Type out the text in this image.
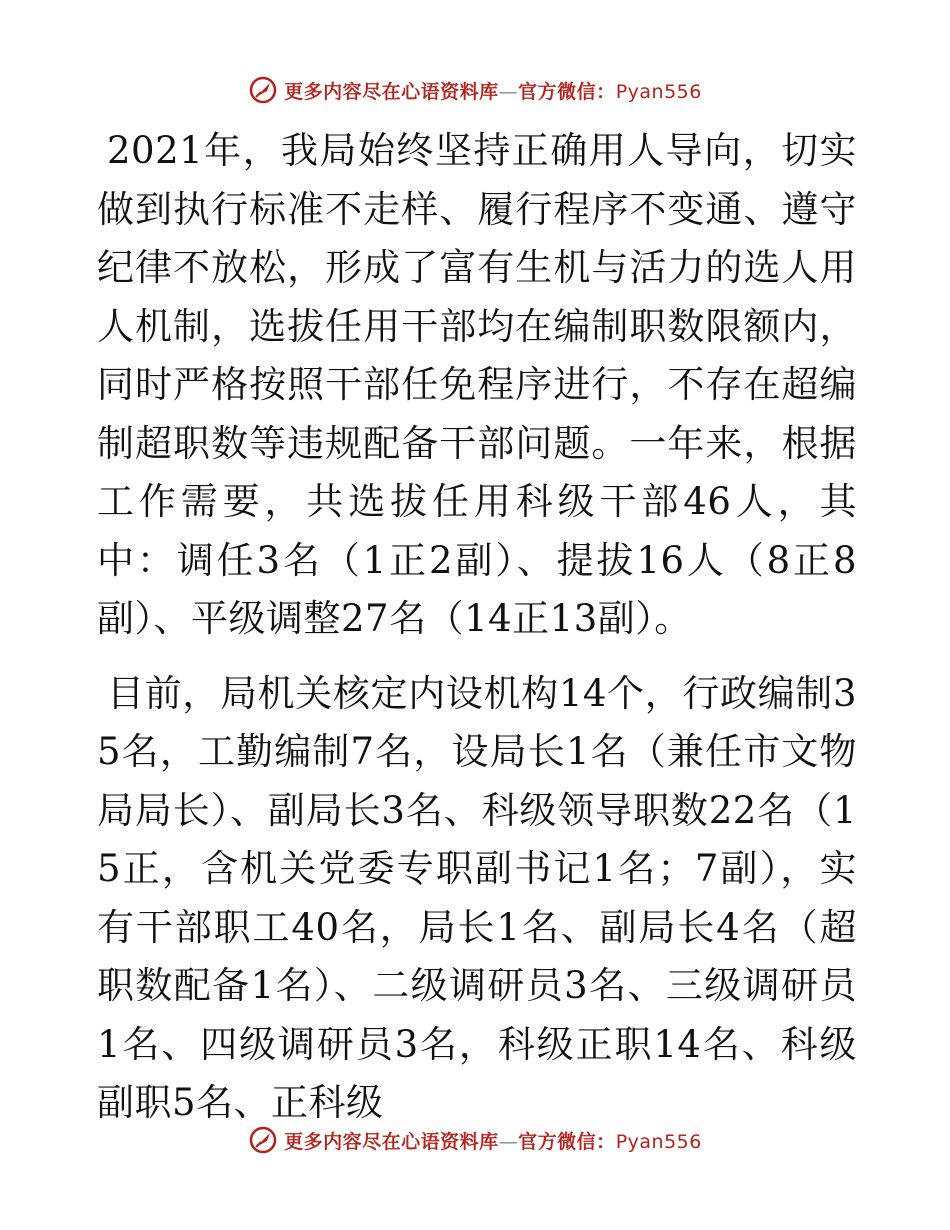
更多内容尽在心语资料库—官方微信：Pyan556

2021年，我局始终坚持正确用人导向，切实做到执行标准不走样、履行程序不变通、遵守纪律不放松，形成了富有生机与活力的选人用人机制，选拔任用干部均在编制职数限额内，同时严格按照干部任免程序进行，不存在超编制超职数等违规配备干部问题。一年来，根据工作需要，共选拔任用科级干部46人，其中：调任3名（1正2副）、提拔16人（8正8副）、平级调整27名（14正13副）。

目前，局机关核定内设机构14个，行政编制35名，工勤编制7名，设局长1名（兼任市文物局局长）、副局长3名、科级领导职数22名（15正，含机关党委专职副书记1名；7副），实有干部职工40名，局长1名、副局长4名（超职数配备1名）、二级调研员3名、三级调研员1名、四级调研员3名，科级正职14名、科级副职5名、正科级

更多内容尽在心语资料库—官方微信：Pyan556
